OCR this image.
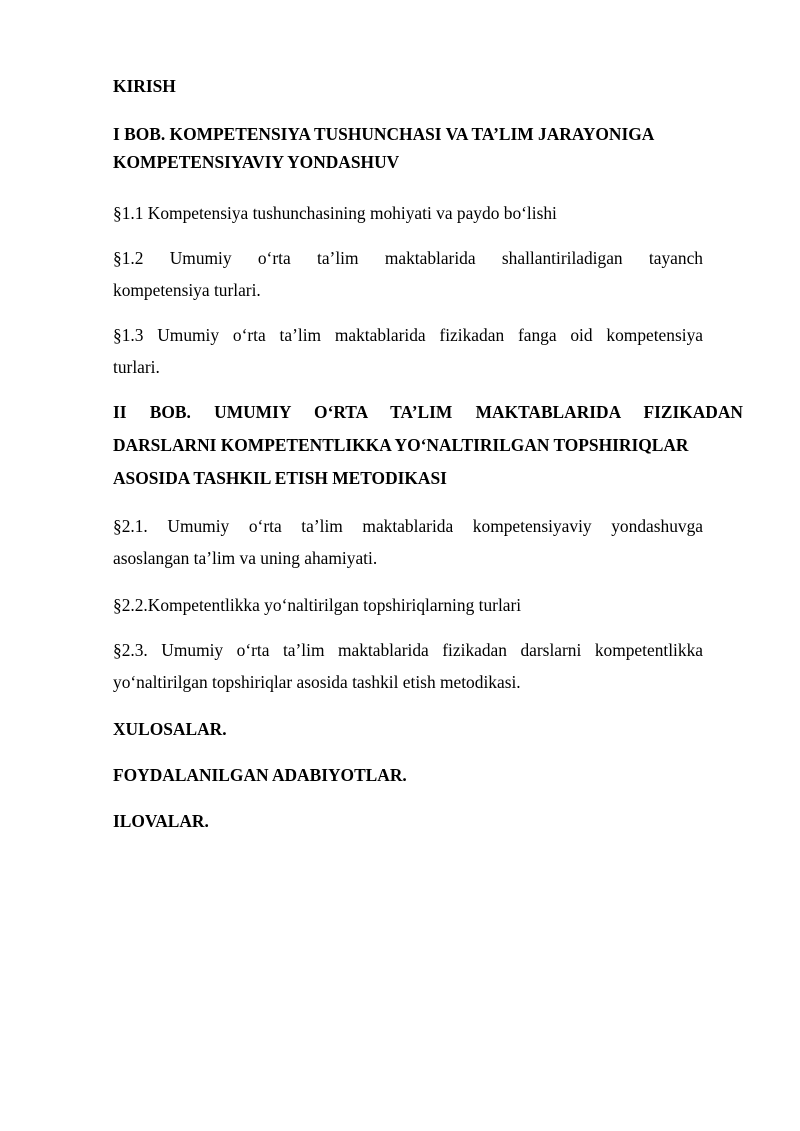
KIRISH
I BOB. KOMPETENSIYA TUSHUNCHASI VA TA’LIM JARAYONIGA
KOMPETENSIYAVIY YONDASHUV
§1.1 Kompetensiya tushunchasining mohiyati va paydo bo‘lishi
§1.2 Umumiy o‘rta ta’lim maktablarida shallantiriladigan tayanch
kompetensiya turlari.
§1.3 Umumiy o‘rta ta’lim maktablarida fizikadan fanga oid kompetensiya
turlari.
II BOB. UMUMIY O‘RTA TA’LIM MAKTABLARIDA FIZIKADAN
DARSLARNI KOMPETENTLIKKA YO‘NALTIRILGAN TOPSHIRIQLAR
ASOSIDA TASHKIL ETISH METODIKASI
§2.1. Umumiy o‘rta ta’lim maktablarida kompetensiyaviy yondashuvga
asoslangan ta’lim va uning ahamiyati.
§2.2.Kompetentlikka yo‘naltirilgan topshiriqlarning turlari
§2.3. Umumiy o‘rta ta’lim maktablarida fizikadan darslarni kompetentlikka
yo‘naltirilgan topshiriqlar asosida tashkil etish metodikasi.
XULOSALAR.
FOYDALANILGAN ADABIYOTLAR.
ILOVALAR.
